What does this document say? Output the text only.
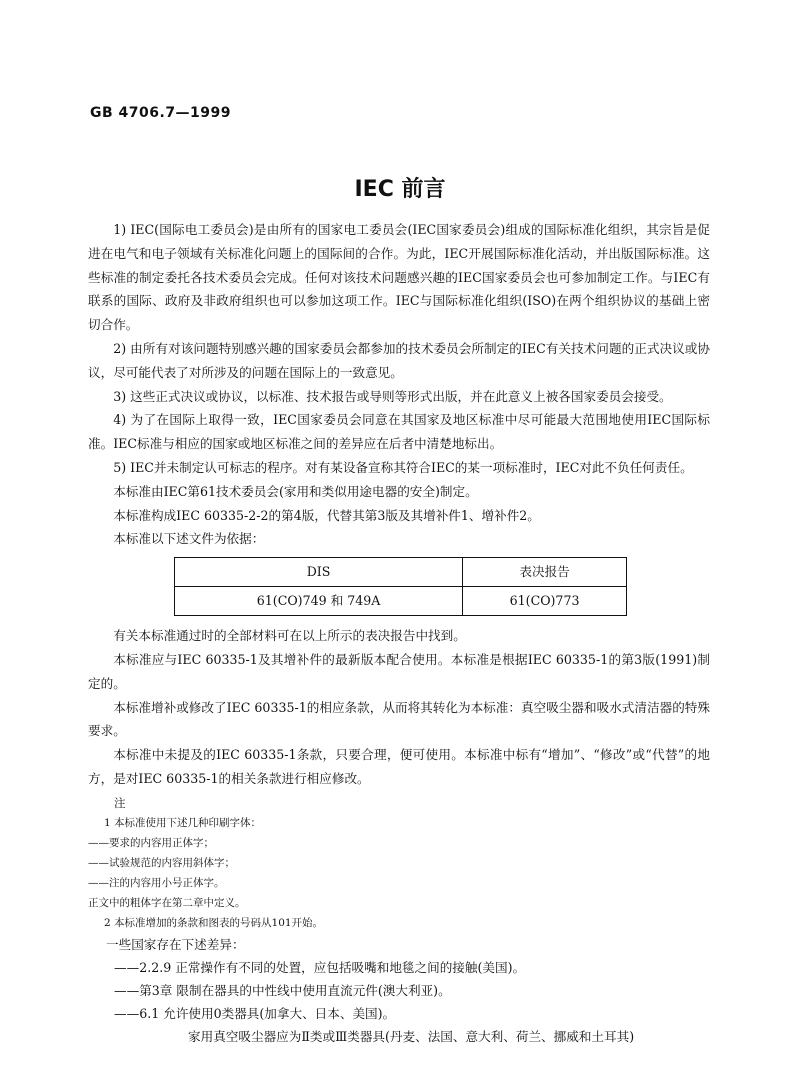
GB 4706.7—1999
IEC 前言

1) IEC(国际电工委员会)是由所有的国家电工委员会(IEC国家委员会)组成的国际标准化组织，其宗旨是促进在电气和电子领域有关标准化问题上的国际间的合作。为此，IEC开展国际标准化活动，并出版国际标准。这些标准的制定委托各技术委员会完成。任何对该技术问题感兴趣的IEC国家委员会也可参加制定工作。与IEC有联系的国际、政府及非政府组织也可以参加这项工作。IEC与国际标准化组织(ISO)在两个组织协议的基础上密切合作。

2) 由所有对该问题特别感兴趣的国家委员会都参加的技术委员会所制定的IEC有关技术问题的正式决议或协议，尽可能代表了对所涉及的问题在国际上的一致意见。

3) 这些正式决议或协议，以标准、技术报告或导则等形式出版，并在此意义上被各国家委员会接受。

4) 为了在国际上取得一致，IEC国家委员会同意在其国家及地区标准中尽可能最大范围地使用IEC国际标准。IEC标准与相应的国家或地区标准之间的差异应在后者中清楚地标出。

5) IEC并未制定认可标志的程序。对有某设备宣称其符合IEC的某一项标准时，IEC对此不负任何责任。

本标准由IEC第61技术委员会(家用和类似用途电器的安全)制定。

本标准构成IEC 60335-2-2的第4版，代替其第3版及其增补件1、增补件2。

本标准以下述文件为依据：

DIS	表决报告
61(CO)749 和 749A	61(CO)773

有关本标准通过时的全部材料可在以上所示的表决报告中找到。

本标准应与IEC 60335-1及其增补件的最新版本配合使用。本标准是根据IEC 60335-1的第3版(1991)制定的。

本标准增补或修改了IEC 60335-1的相应条款，从而将其转化为本标准：真空吸尘器和吸水式清洁器的特殊要求。

本标准中未提及的IEC 60335-1条款，只要合理，便可使用。本标准中标有“增加”、“修改”或“代替”的地方，是对IEC 60335-1的相关条款进行相应修改。

注

1 本标准使用下述几种印刷字体：

——要求的内容用正体字；

——试验规范的内容用斜体字；

——注的内容用小号正体字。

正文中的粗体字在第二章中定义。

2 本标准增加的条款和图表的号码从101开始。

一些国家存在下述差异：

——2.2.9 正常操作有不同的处置，应包括吸嘴和地毯之间的接触(美国)。

——第3章 限制在器具的中性线中使用直流元件(澳大利亚)。

——6.1 允许使用0类器具(加拿大、日本、美国)。

家用真空吸尘器应为Ⅱ类或Ⅲ类器具(丹麦、法国、意大利、荷兰、挪威和土耳其)
